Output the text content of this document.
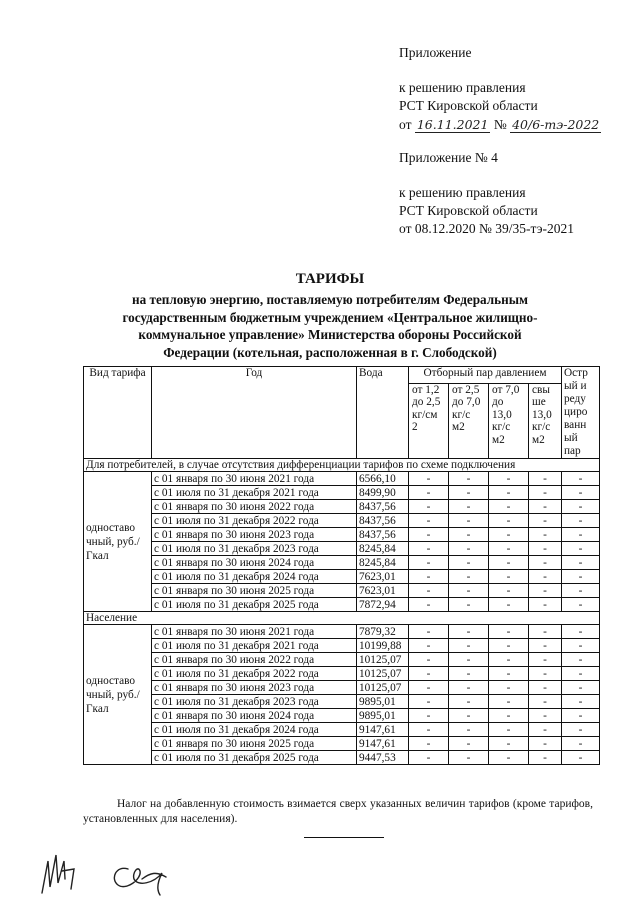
Приложение
к решению правления
РСТ Кировской области
от 16.11.2021 № 40/6-тэ-2022
Приложение № 4
к решению правления
РСТ Кировской области
от 08.12.2020 № 39/35-тэ-2021
ТАРИФЫ
на тепловую энергию, поставляемую потребителям Федеральным
государственным бюджетным учреждением «Центральное жилищно-
коммунальное управление» Министерства обороны Российской
Федерации (котельная, расположенная в г. Слободской)
Вид тарифа	Год	Вода	Отборный пар давлением				Остр ый и реду циро ванн ый пар
			от 1,2 до 2,5 кг/см 2	от 2,5 до 7,0 кг/с м2	от 7,0 до 13,0 кг/с м2	свы ше 13,0 кг/с м2	
Для потребителей, в случае отсутствия дифференциации тарифов по схеме подключения							
одноставо чный, руб./Гкал	с 01 января по 30 июня 2021 года	6566,10	-	-	-	-	-
	с 01 июля по 31 декабря 2021 года	8499,90	-	-	-	-	-
	с 01 января по 30 июня 2022 года	8437,56	-	-	-	-	-
	с 01 июля по 31 декабря 2022 года	8437,56	-	-	-	-	-
	с 01 января по 30 июня 2023 года	8437,56	-	-	-	-	-
	с 01 июля по 31 декабря 2023 года	8245,84	-	-	-	-	-
	с 01 января по 30 июня 2024 года	8245,84	-	-	-	-	-
	с 01 июля по 31 декабря 2024 года	7623,01	-	-	-	-	-
	с 01 января по 30 июня 2025 года	7623,01	-	-	-	-	-
	с 01 июля по 31 декабря 2025 года	7872,94	-	-	-	-	-
Население							
одноставо чный, руб./Гкал	с 01 января по 30 июня 2021 года	7879,32	-	-	-	-	-
	с 01 июля по 31 декабря 2021 года	10199,88	-	-	-	-	-
	с 01 января по 30 июня 2022 года	10125,07	-	-	-	-	-
	с 01 июля по 31 декабря 2022 года	10125,07	-	-	-	-	-
	с 01 января по 30 июня 2023 года	10125,07	-	-	-	-	-
	с 01 июля по 31 декабря 2023 года	9895,01	-	-	-	-	-
	с 01 января по 30 июня 2024 года	9895,01	-	-	-	-	-
	с 01 июля по 31 декабря 2024 года	9147,61	-	-	-	-	-
	с 01 января по 30 июня 2025 года	9147,61	-	-	-	-	-
	с 01 июля по 31 декабря 2025 года	9447,53	-	-	-	-	-
Налог на добавленную стоимость взимается сверх указанных величин тарифов (кроме тарифов, установленных для населения).
